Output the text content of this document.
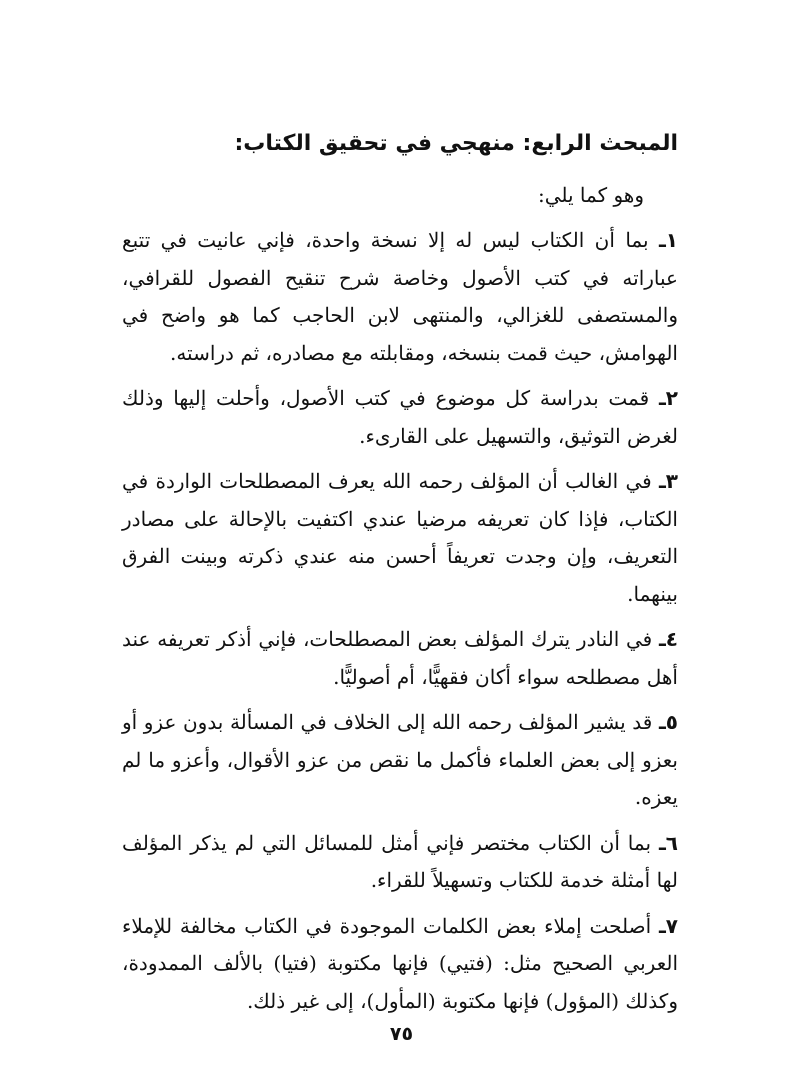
المبحث الرابع: منهجي في تحقيق الكتاب:

وهو كما يلي:

١ـ بما أن الكتاب ليس له إلا نسخة واحدة، فإني عانيت في تتبع عباراته في كتب الأصول وخاصة شرح تنقيح الفصول للقرافي، والمستصفى للغزالي، والمنتهى لابن الحاجب كما هو واضح في الهوامش، حيث قمت بنسخه، ومقابلته مع مصادره، ثم دراسته.

٢ـ قمت بدراسة كل موضوع في كتب الأصول، وأحلت إليها وذلك لغرض التوثيق، والتسهيل على القارىء.

٣ـ في الغالب أن المؤلف رحمه الله يعرف المصطلحات الواردة في الكتاب، فإذا كان تعريفه مرضيا عندي اكتفيت بالإحالة على مصادر التعريف، وإن وجدت تعريفاً أحسن منه عندي ذكرته وبينت الفرق بينهما.

٤ـ في النادر يترك المؤلف بعض المصطلحات، فإني أذكر تعريفه عند أهل مصطلحه سواء أكان فقهيًّا، أم أصوليًّا.

٥ـ قد يشير المؤلف رحمه الله إلى الخلاف في المسألة بدون عزو أو بعزو إلى بعض العلماء فأكمل ما نقص من عزو الأقوال، وأعزو ما لم يعزه.

٦ـ بما أن الكتاب مختصر فإني أمثل للمسائل التي لم يذكر المؤلف لها أمثلة خدمة للكتاب وتسهيلاً للقراء.

٧ـ أصلحت إملاء بعض الكلمات الموجودة في الكتاب مخالفة للإملاء العربي الصحيح مثل: (فتيي) فإنها مكتوبة (فتيا) بالألف الممدودة، وكذلك (المؤول) فإنها مكتوبة (المأول)، إلى غير ذلك.

٧٥
